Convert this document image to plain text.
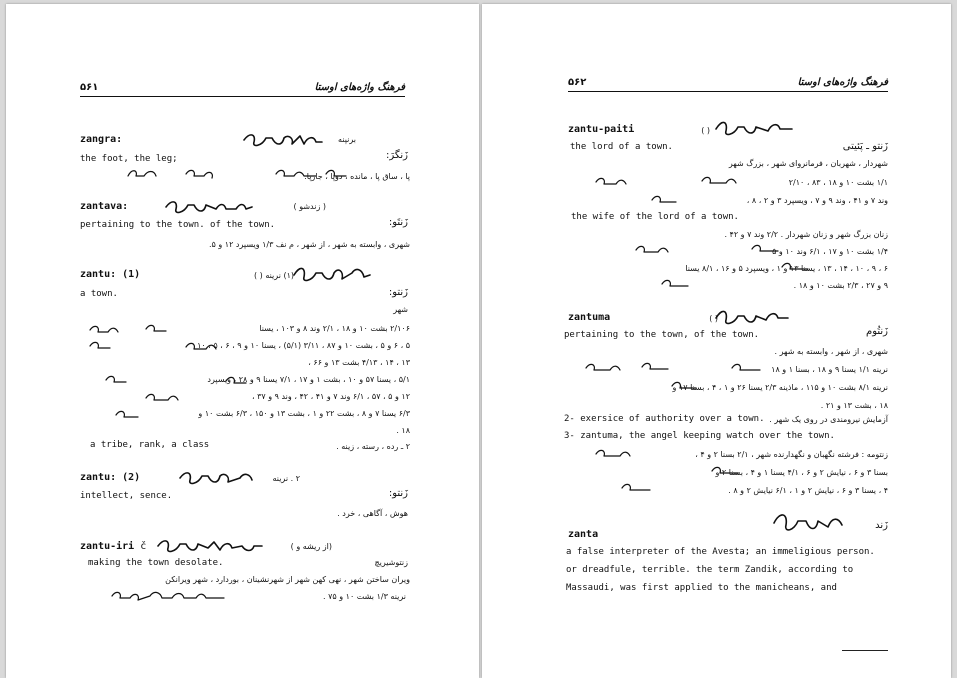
۵۶۱	فرهنگ واژه‌های اوستا
zangra:	برنپنه
زَنگرَ:
the foot, the leg;
پا ، ساق پا ، مانده ، دوپا ، جارپا.
zantava:	( زندشو )
زَنتَو:
pertaining to the town. of the town.
شهری ، وابسته به شهر ، از شهر ، م نف ۱/۳ ویسپرد ۱۲ و ۵.
zantu: (1)	(۱) نرینه ( )
زَنتو:
a town.
شهر
۲/۱۰۶ بشت ۱۰ و ۱۸ ، ۲/۱ وند ۸ و ۱۰۳ ، یسنا
۵ ، ۶ و ۵ ، بشت ۱۰ و ۸۷ ، ۳/۱۱ (۵/۱) ، یسنا ۱۰ و ۹ ، ۶ ، ۵ ، ۱۰
۱۳ ، ۱۴ ، ۴/۱۳ بشت ۱۳ و ۶۶ ،
۵/۱ ، یسنا ۵۷ و ۱۰ ، بشت ۱ و ۱۷ ، ۷/۱ یسنا ۹ و ۲۸ ، ویسپرد
۱۲ و ۵ ، ۵۷ ، ۶/۱ وند ۷ و ۴۱ ، ۴۲ ، وند ۹ و ۳۷ ،
۶/۳ یسنا ۷ و ۸ ، بشت ۲۲ و ۱ ، بشت ۱۳ و ۱۵۰ ، ۶/۳ بشت ۱۰ و
۱۸ .
a tribe, rank, a class	۲ ـ رده ، رسته ، زینه .
zantu: (2)	۲ . نرینه
زَنتو:
intellect, sence.
هوش ، آگاهی ، خرد .
zantu-iri č	(از ریشه و )
making the town desolate.	زنتوشیریچ
ویران ساختن شهر ، نهی کهن شهر از شهرنشینان ، بوردارد ، شهر ویرانکن
نرینه ۱/۳ بشت ۱۰ و ۷۵ .
۵۶۲	فرهنگ واژه‌های اوستا
zantu-paiti	( )
the lord of a town.	زَنتو ـ پَئیتی
شهردار ، شهربان ، فرمانروای شهر ، بزرگ شهر
۱/۱ بشت ۱۰ و ۱۸ ، ۸۳ ، ۲/۱۰
وند ۷ و ۴۱ ، وند ۹ و ۷ ، ویسپرد ۳ و ۲ ، ۸ ،
the wife of the lord of a town.
زنان بزرگ شهر و زنان شهردار . ۲/۲ وند ۷ و ۴۲ .
۱/۴ بشت ۱۰ و ۱۷ ، ۶/۱ وند ۱۰ و ۵
۶ ، ۹ ، ۱۰ ، ۱۴ ، ۱۳ ، یسنا ۱۳ و ۱ ، ویسپرد ۵ و ۱۶ ، ۸/۱ یسنا
۹ و ۲۷ ، ۲/۳ بشت ۱۰ و ۱۸ .
zantuma	( )
زَنتُوم
pertaining to the town, of the town.
شهری ، از شهر ، وابسته به شهر .
نرینه ۱/۱ یسنا ۹ و ۱۸ ، بسنا ۱ و ۱۸
نرینه ۸/۱ بشت ۱۰ و ۱۱۵ ، ماذینه ۲/۳ یسنا ۲۶ و ۱ ، ۴ ، بسنا ۱۷ و
۱۸ ، بشت ۱۳ و ۲۱ .
2- exersice of authority over a town. آزمایش نیرومندی در روی یک شهر .
3- zantuma, the angel keeping watch over the town.
زنتومه : فرشته نگهبان و نگهدارنده شهر ، ۲/۱ بسنا ۲ و ۴ ،
بسنا ۳ و ۶ ، نیایش ۲ و ۶ ، ۴/۱ یسنا ۱ و ۴ ، بسنا ۲ و
۴ ، یسنا ۳ و ۶ ، نیایش ۲ و ۱ ، ۶/۱ نیایش ۲ و ۸ .
zanta
زَند
a false interpreter of the Avesta; an immeligious person.
or dreadfule, terrible. the term Zandik, according to
Massaudi, was first applied to the manicheans, and
